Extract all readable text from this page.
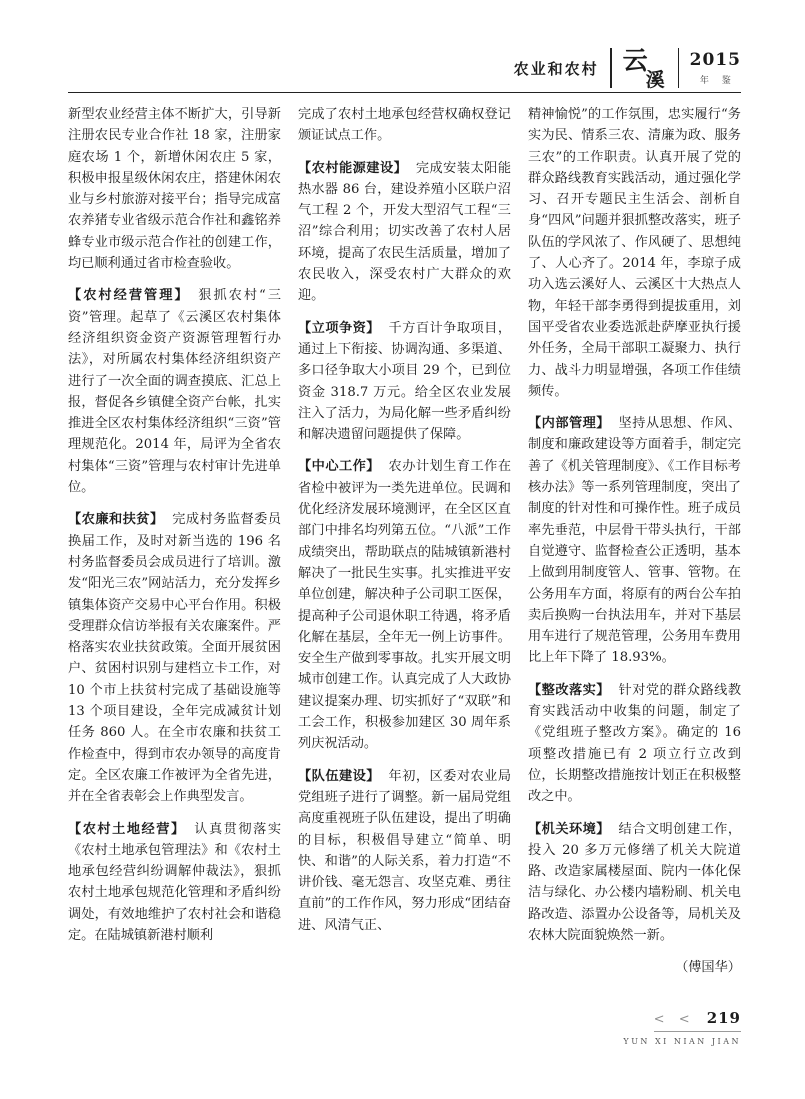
农业和农村 云
溪
2015
年 鉴

新型农业经营主体不断扩大，引导新注册农民专业合作社 18 家，注册家庭农场 1 个，新增休闲农庄 5 家，积极申报星级休闲农庄，搭建休闲农业与乡村旅游对接平台；指导完成富农养猪专业省级示范合作社和鑫铭养蜂专业市级示范合作社的创建工作，均已顺利通过省市检查验收。

【农村经营管理】 狠抓农村“三资”管理。起草了《云溪区农村集体经济组织资金资产资源管理暂行办法》，对所属农村集体经济组织资产进行了一次全面的调查摸底、汇总上报，督促各乡镇健全资产台帐，扎实推进全区农村集体经济组织“三资”管理规范化。2014 年，局评为全省农村集体“三资”管理与农村审计先进单位。

【农廉和扶贫】 完成村务监督委员换届工作，及时对新当选的 196 名村务监督委员会成员进行了培训。激发“阳光三农”网站活力，充分发挥乡镇集体资产交易中心平台作用。积极受理群众信访举报有关农廉案件。严格落实农业扶贫政策。全面开展贫困户、贫困村识别与建档立卡工作，对 10 个市上扶贫村完成了基础设施等 13 个项目建设，全年完成减贫计划任务 860 人。在全市农廉和扶贫工作检查中，得到市农办领导的高度肯定。全区农廉工作被评为全省先进，并在全省表彰会上作典型发言。

【农村土地经营】 认真贯彻落实《农村土地承包管理法》和《农村土地承包经营纠纷调解仲裁法》，狠抓农村土地承包规范化管理和矛盾纠纷调处，有效地维护了农村社会和谐稳定。在陆城镇新港村顺利

完成了农村土地承包经营权确权登记颁证试点工作。

【农村能源建设】 完成安装太阳能热水器 86 台，建设养殖小区联户沼气工程 2 个，开发大型沼气工程“三沼”综合利用；切实改善了农村人居环境，提高了农民生活质量，增加了农民收入，深受农村广大群众的欢迎。

【立项争资】 千方百计争取项目，通过上下衔接、协调沟通、多渠道、多口径争取大小项目 29 个，已到位资金 318.7 万元。给全区农业发展注入了活力，为局化解一些矛盾纠纷和解决遗留问题提供了保障。

【中心工作】 农办计划生育工作在省检中被评为一类先进单位。民调和优化经济发展环境测评，在全区区直部门中排名均列第五位。“八派”工作成绩突出，帮助联点的陆城镇新港村解决了一批民生实事。扎实推进平安单位创建，解决种子公司职工医保，提高种子公司退休职工待遇，将矛盾化解在基层，全年无一例上访事件。安全生产做到零事故。扎实开展文明城市创建工作。认真完成了人大政协建议提案办理、切实抓好了“双联”和工会工作，积极参加建区 30 周年系列庆祝活动。

【队伍建设】 年初，区委对农业局党组班子进行了调整。新一届局党组高度重视班子队伍建设，提出了明确的目标，积极倡导建立“简单、明快、和谐”的人际关系，着力打造“不讲价钱、毫无怨言、攻坚克难、勇往直前”的工作作风，努力形成“团结奋进、风清气正、

精神愉悦”的工作氛围，忠实履行“务实为民、情系三农、清廉为政、服务三农”的工作职责。认真开展了党的群众路线教育实践活动，通过强化学习、召开专题民主生活会、剖析自身“四风”问题并狠抓整改落实，班子队伍的学风浓了、作风硬了、思想纯了、人心齐了。2014 年，李琼子成功入选云溪好人、云溪区十大热点人物，年轻干部李勇得到提拔重用，刘国平受省农业委选派赴萨摩亚执行援外任务，全局干部职工凝聚力、执行力、战斗力明显增强，各项工作佳绩频传。

【内部管理】 坚持从思想、作风、制度和廉政建设等方面着手，制定完善了《机关管理制度》、《工作目标考核办法》等一系列管理制度，突出了制度的针对性和可操作性。班子成员率先垂范，中层骨干带头执行，干部自觉遵守、监督检查公正透明，基本上做到用制度管人、管事、管物。在公务用车方面，将原有的两台公车拍卖后换购一台执法用车，并对下基层用车进行了规范管理，公务用车费用比上年下降了 18.93%。

【整改落实】 针对党的群众路线教育实践活动中收集的问题，制定了《党组班子整改方案》。确定的 16 项整改措施已有 2 项立行立改到位，长期整改措施按计划正在积极整改之中。

【机关环境】 结合文明创建工作，投入 20 多万元修缮了机关大院道路、改造家属楼屋面、院内一体化保洁与绿化、办公楼内墙粉刷、机关电路改造、添置办公设备等，局机关及农林大院面貌焕然一新。

（傅国华）

< < 219
YUN XI NIAN JIAN
